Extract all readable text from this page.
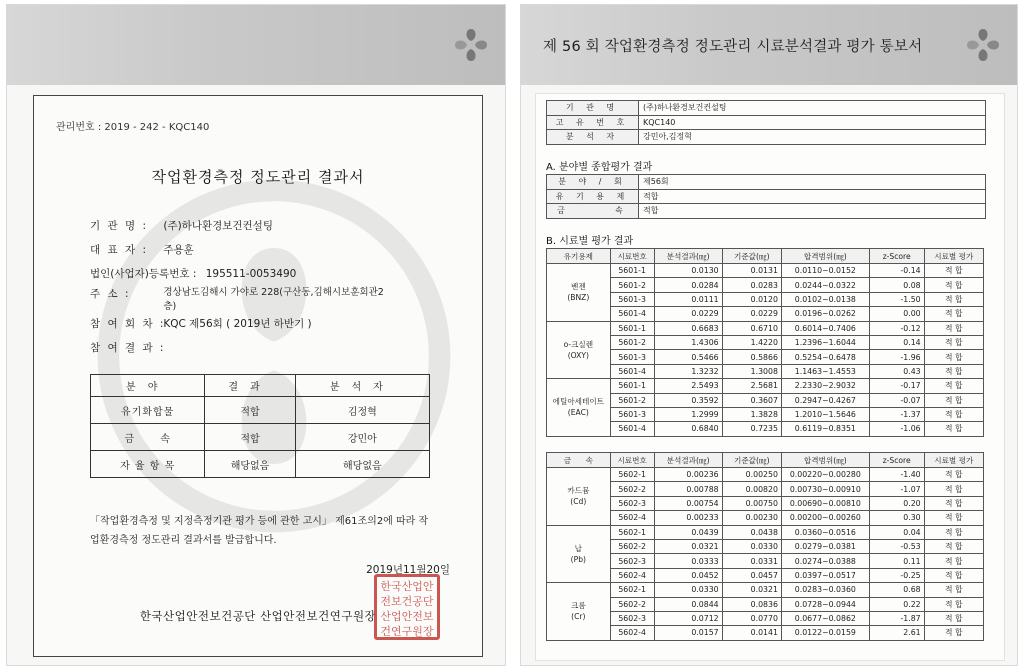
관리번호 : 2019 - 242 - KQC140
작업환경측정 정도관리 결과서
기 관 명 : (주)하나환경보건컨설팅
대 표 자 : 주용훈
법인(사업자)등록번호 : 195511-0053490
주 소 :	경상남도김해시 가야로 228(구산동,김해시보훈회관2층)
참 여 회 차 : KQC 제56회 ( 2019년 하반기 )
참 여 결 과 :
분야	결과	분석자
유기화합물	적합	김정혁
금      속	적합	강민아
자 율 항 목	해당없음	해당없음
「작업환경측정 및 지정측정기관 평가 등에 관한 고시」 제61조의2에 따라 작업환경측정 정도관리 결과서를 발급합니다.
2019년11월20일
한국산업안전보건공단 산업안전보건연구원장
한국산업안
전보건공단
산업안전보
건연구원장
제 56 회 작업환경측정 정도관리 시료분석결과 평가 통보서
기 관 명	(주)하나환경보건컨설팅
고 유 번 호	KQC140
분 석 자	강민아,김정혁
A. 분야별 종합평가 결과
분 야 / 회	제56회
유 기 용 제	적합
금      속	적합
B. 시료별 평가 결과
유기용제	시료번호	분석결과(㎎)	기준값(㎎)	합격범위(㎎)	z-Score	시료별 평가

벤젠
(BNZ)	5601-1	0.0130	0.0131	0.0110~0.0152	-0.14	적 합
	5601-2	0.0284	0.0283	0.0244~0.0322	0.08	적 합
	5601-3	0.0111	0.0120	0.0102~0.0138	-1.50	적 합
	5601-4	0.0229	0.0229	0.0196~0.0262	0.00	적 합

o-크실렌
(OXY)	5601-1	0.6683	0.6710	0.6014~0.7406	-0.12	적 합
	5601-2	1.4306	1.4220	1.2396~1.6044	0.14	적 합
	5601-3	0.5466	0.5866	0.5254~0.6478	-1.96	적 합
	5601-4	1.3232	1.3008	1.1463~1.4553	0.43	적 합

에틸아세테이트
(EAC)	5601-1	2.5493	2.5681	2.2330~2.9032	-0.17	적 합
	5601-2	0.3592	0.3607	0.2947~0.4267	-0.07	적 합
	5601-3	1.2999	1.3828	1.2010~1.5646	-1.37	적 합
	5601-4	0.6840	0.7235	0.6119~0.8351	-1.06	적 합
금      속	시료번호	분석결과(㎎)	기준값(㎎)	합격범위(㎎)	z-Score	시료별 평가

카드뮴
(Cd)	5602-1	0.00236	0.00250	0.00220~0.00280	-1.40	적 합
	5602-2	0.00788	0.00820	0.00730~0.00910	-1.07	적 합
	5602-3	0.00754	0.00750	0.00690~0.00810	0.20	적 합
	5602-4	0.00233	0.00230	0.00200~0.00260	0.30	적 합

납
(Pb)	5602-1	0.0439	0.0438	0.0360~0.0516	0.04	적 합
	5602-2	0.0321	0.0330	0.0279~0.0381	-0.53	적 합
	5602-3	0.0333	0.0331	0.0274~0.0388	0.11	적 합
	5602-4	0.0452	0.0457	0.0397~0.0517	-0.25	적 합

크롬
(Cr)	5602-1	0.0330	0.0321	0.0283~0.0360	0.68	적 합
	5602-2	0.0844	0.0836	0.0728~0.0944	0.22	적 합
	5602-3	0.0712	0.0770	0.0677~0.0862	-1.87	적 합
	5602-4	0.0157	0.0141	0.0122~0.0159	2.61	적 합
